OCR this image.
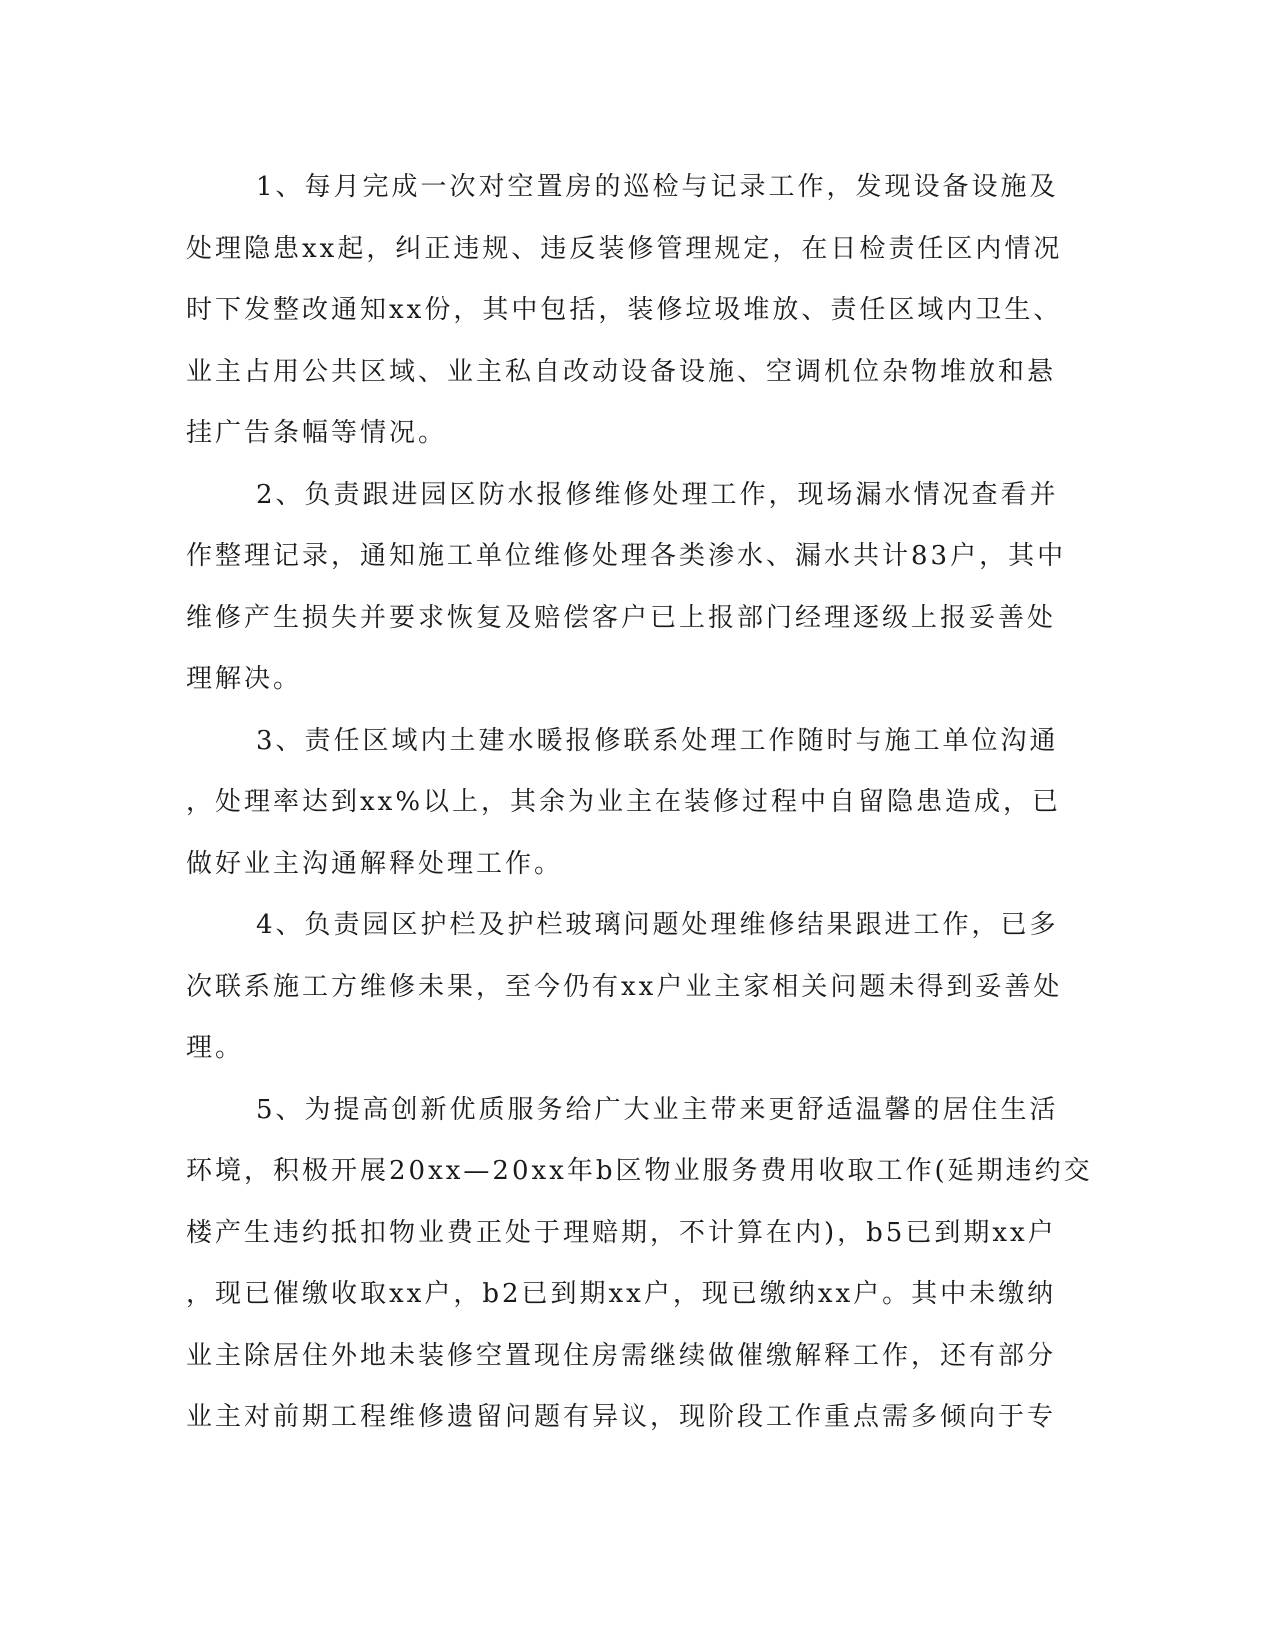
1、每月完成一次对空置房的巡检与记录工作，发现设备设施及
处理隐患xx起，纠正违规、违反装修管理规定，在日检责任区内情况
时下发整改通知xx份，其中包括，装修垃圾堆放、责任区域内卫生、
业主占用公共区域、业主私自改动设备设施、空调机位杂物堆放和悬
挂广告条幅等情况。
2、负责跟进园区防水报修维修处理工作，现场漏水情况查看并
作整理记录，通知施工单位维修处理各类渗水、漏水共计83户，其中
维修产生损失并要求恢复及赔偿客户已上报部门经理逐级上报妥善处
理解决。
3、责任区域内土建水暖报修联系处理工作随时与施工单位沟通
，处理率达到xx%以上，其余为业主在装修过程中自留隐患造成，已
做好业主沟通解释处理工作。
4、负责园区护栏及护栏玻璃问题处理维修结果跟进工作，已多
次联系施工方维修未果，至今仍有xx户业主家相关问题未得到妥善处
理。
5、为提高创新优质服务给广大业主带来更舒适温馨的居住生活
环境，积极开展20xx—20xx年b区物业服务费用收取工作(延期违约交
楼产生违约抵扣物业费正处于理赔期，不计算在内)，b5已到期xx户
，现已催缴收取xx户，b2已到期xx户，现已缴纳xx户。其中未缴纳
业主除居住外地未装修空置现住房需继续做催缴解释工作，还有部分
业主对前期工程维修遗留问题有异议，现阶段工作重点需多倾向于专
